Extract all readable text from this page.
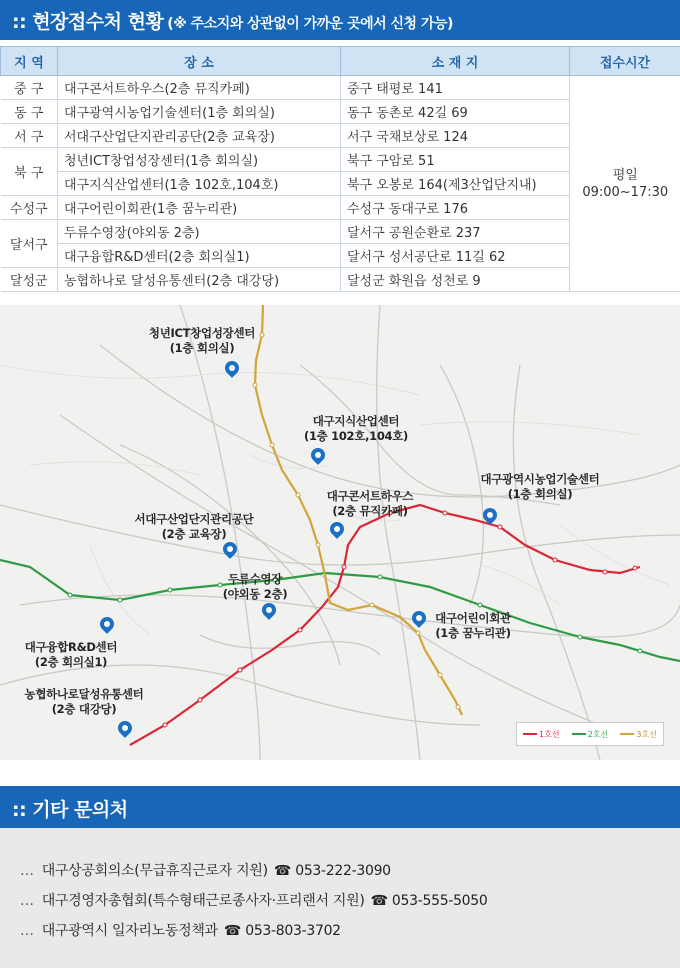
:: 현장접수처 현황 (※ 주소지와 상관없이 가까운 곳에서 신청 가능)
지 역	장 소	소 재 지	접수시간
중 구	대구콘서트하우스(2층 뮤직카페)	중구 태평로 141	평일
09:00~17:30

동 구	대구광역시농업기술센터(1층 회의실)	동구 동촌로 42길 69	
서 구	서대구산업단지관리공단(2층 교육장)	서구 국채보상로 124	
북 구	청년ICT창업성장센터(1층 회의실)	북구 구암로 51	
	대구지식산업센터(1층 102호,104호)	북구 오봉로 164(제3산업단지내)	
수성구	대구어린이회관(1층 꿈누리관)	수성구 동대구로 176	
달서구	두류수영장(야외동 2층)	달서구 공원순환로 237	
	대구융합R&D센터(2층 회의실1)	달서구 성서공단로 11길 62	
달성군	농협하나로 달성유통센터(2층 대강당)	달성군 화원읍 성천로 9	
청년ICT창업성장센터
(1층 회의실)
대구지식산업센터
(1층 102호,104호)
대구콘서트하우스
(2층 뮤직카페)
대구광역시농업기술센터
(1층 회의실)
서대구산업단지관리공단
(2층 교육장)
두류수영장
(야외동 2층)
대구어린이회관
(1층 꿈누리관)
대구융합R&D센터
(2층 회의실1)
농협하나로달성유통센터
(2층 대강당)
1호선	2호선	3호선
:: 기타 문의처
… 대구상공회의소(무급휴직근로자 지원) ☎ 053-222-3090
… 대구경영자총협회(특수형태근로종사자·프리랜서 지원) ☎ 053-555-5050
… 대구광역시 일자리노동정책과 ☎ 053-803-3702
